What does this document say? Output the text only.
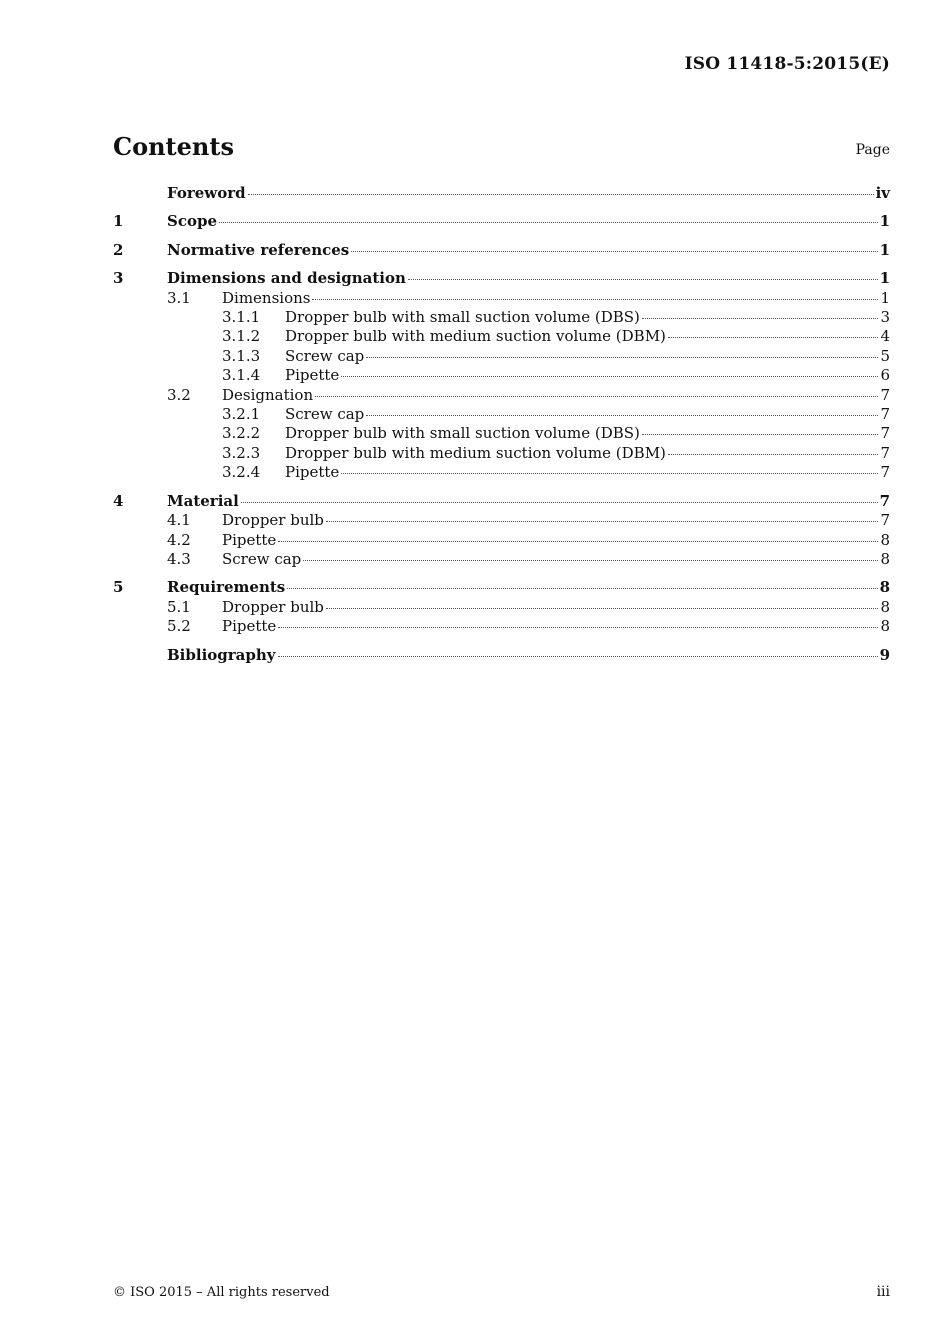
ISO 11418-5:2015(E)
Contents	Page
Foreword	iv
1	Scope	1
2	Normative references	1
3	Dimensions and designation	1
3.1	Dimensions	1
3.1.1	Dropper bulb with small suction volume (DBS)	3
3.1.2	Dropper bulb with medium suction volume (DBM)	4
3.1.3	Screw cap	5
3.1.4	Pipette	6
3.2	Designation	7
3.2.1	Screw cap	7
3.2.2	Dropper bulb with small suction volume (DBS)	7
3.2.3	Dropper bulb with medium suction volume (DBM)	7
3.2.4	Pipette	7
4	Material	7
4.1	Dropper bulb	7
4.2	Pipette	8
4.3	Screw cap	8
5	Requirements	8
5.1	Dropper bulb	8
5.2	Pipette	8
Bibliography	9
© ISO 2015 – All rights reserved	iii
